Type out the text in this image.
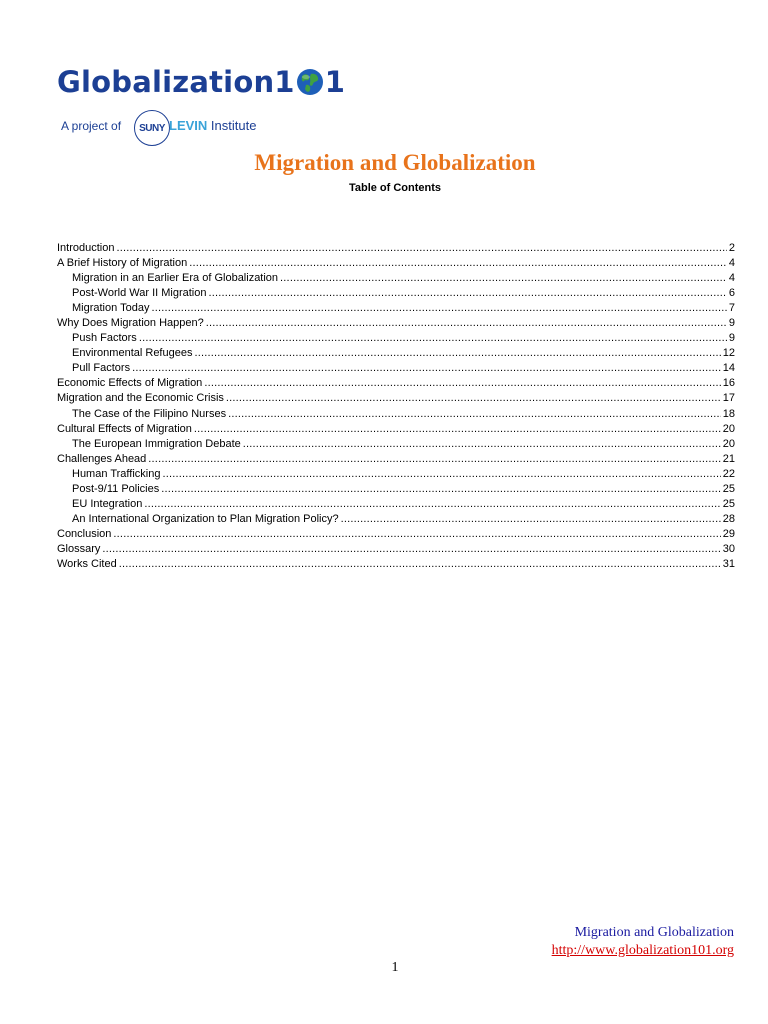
Globalization1 1
A project of	SUNY LEVIN Institute
Migration and Globalization
Table of Contents
Introduction .....	2
A Brief History of Migration .....	4
Migration in an Earlier Era of Globalization .....	4
Post-World War II Migration .....	6
Migration Today .....	7
Why Does Migration Happen? .....	9
Push Factors .....	9
Environmental Refugees .....	12
Pull Factors .....	14
Economic Effects of Migration .....	16
Migration and the Economic Crisis .....	17
The Case of the Filipino Nurses .....	18
Cultural Effects of Migration .....	20
The European Immigration Debate .....	20
Challenges Ahead .....	21
Human Trafficking .....	22
Post-9/11 Policies .....	25
EU Integration .....	25
An International Organization to Plan Migration Policy? .....	28
Conclusion .....	29
Glossary .....	30
Works Cited .....	31
Migration and Globalization
http://www.globalization101.org
1
